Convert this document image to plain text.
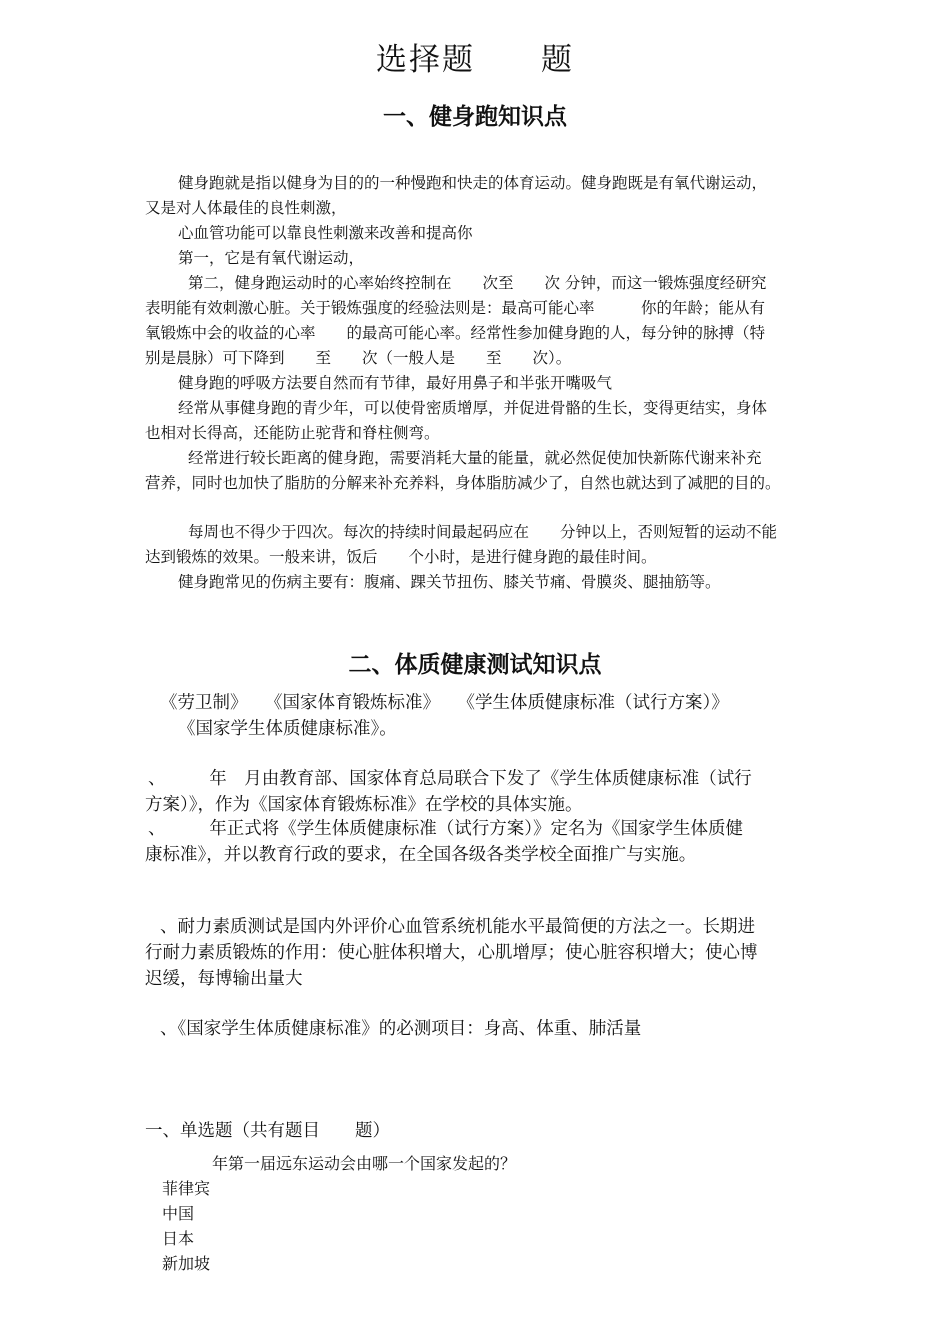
选择题　　题
一、健身跑知识点
健身跑就是指以健身为目的的一种慢跑和快走的体育运动。健身跑既是有氧代谢运动，
又是对人体最佳的良性刺激，
心血管功能可以靠良性刺激来改善和提高你
第一，它是有氧代谢运动，
第二，健身跑运动时的心率始终控制在　　次至　　次 分钟，而这一锻炼强度经研究
表明能有效刺激心脏。关于锻炼强度的经验法则是：最高可能心率　　　你的年龄；能从有
氧锻炼中会的收益的心率　　的最高可能心率。经常性参加健身跑的人，每分钟的脉搏（特
别是晨脉）可下降到　　至　　次（一般人是　　至　　次）。
健身跑的呼吸方法要自然而有节律，最好用鼻子和半张开嘴吸气
经常从事健身跑的青少年，可以使骨密质增厚，并促进骨骼的生长，变得更结实，身体
也相对长得高，还能防止驼背和脊柱侧弯。
经常进行较长距离的健身跑，需要消耗大量的能量，就必然促使加快新陈代谢来补充
营养，同时也加快了脂肪的分解来补充养料，身体脂肪减少了，自然也就达到了减肥的目的。
每周也不得少于四次。每次的持续时间最起码应在　　分钟以上，否则短暂的运动不能
达到锻炼的效果。一般来讲，饭后　　个小时，是进行健身跑的最佳时间。
健身跑常见的伤病主要有：腹痛、踝关节扭伤、膝关节痛、骨膜炎、腿抽筋等。
二、体质健康测试知识点
《劳卫制》　　《国家体育锻炼标准》　　《学生体质健康标准（试行方案）》
《国家学生体质健康标准》。
、　　　年　月由教育部、国家体育总局联合下发了《学生体质健康标准（试行
方案）》，作为《国家体育锻炼标准》在学校的具体实施。
、　　　年正式将《学生体质健康标准（试行方案）》定名为《国家学生体质健
康标准》，并以教育行政的要求，在全国各级各类学校全面推广与实施。
、耐力素质测试是国内外评价心血管系统机能水平最简便的方法之一。长期进
行耐力素质锻炼的作用：使心脏体积增大，心肌增厚；使心脏容积增大；使心博
迟缓，每博输出量大
、《国家学生体质健康标准》的必测项目：身高、体重、肺活量
一、单选题（共有题目　　题）
年第一届远东运动会由哪一个国家发起的？
菲律宾
中国
日本
新加坡
